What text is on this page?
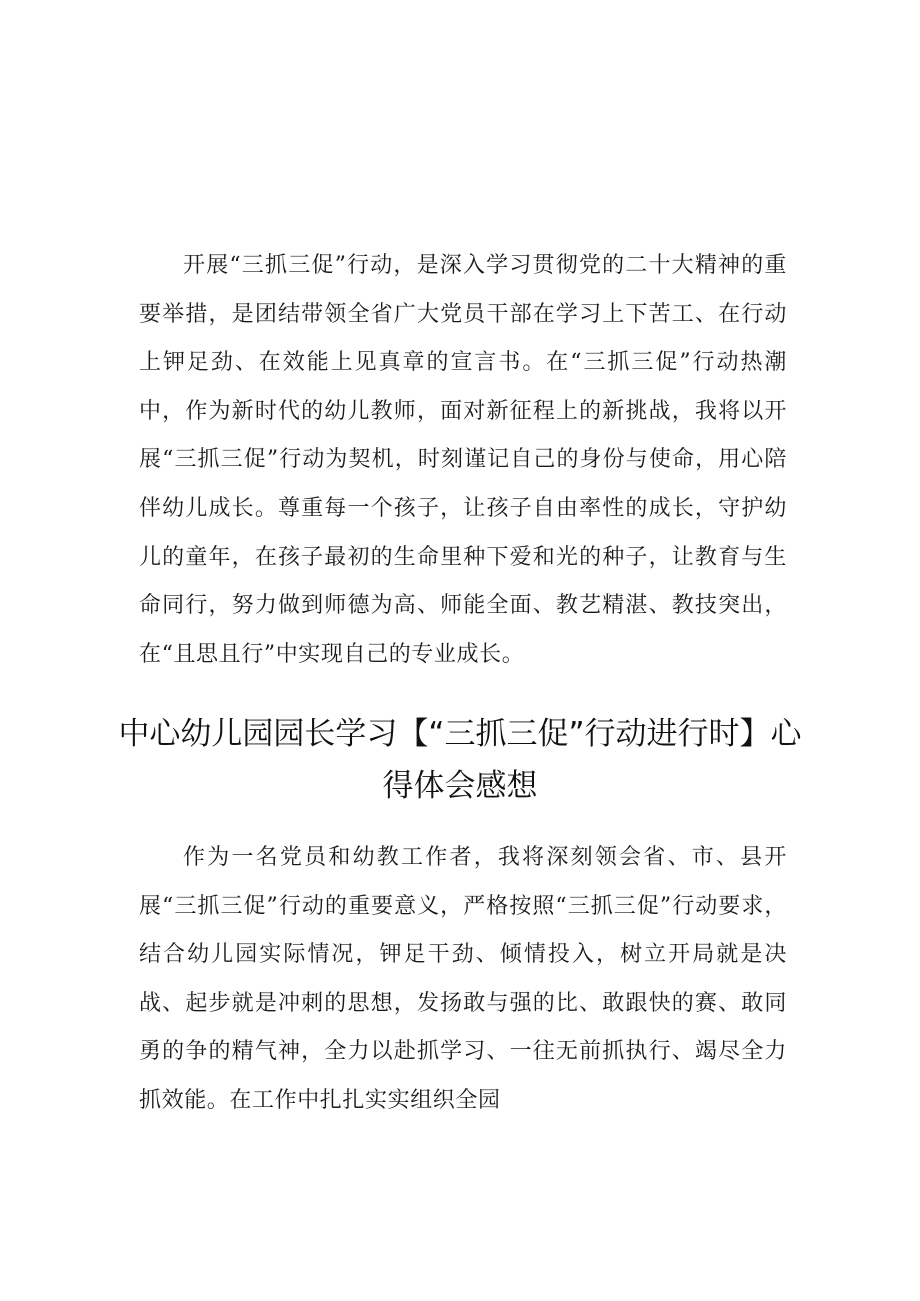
开展“三抓三促”行动，是深入学习贯彻党的二十大精神的重要举措，是团结带领全省广大党员干部在学习上下苦工、在行动上钾足劲、在效能上见真章的宣言书。在“三抓三促”行动热潮中，作为新时代的幼儿教师，面对新征程上的新挑战，我将以开展“三抓三促”行动为契机，时刻谨记自己的身份与使命，用心陪伴幼儿成长。尊重每一个孩子，让孩子自由率性的成长，守护幼儿的童年，在孩子最初的生命里种下爱和光的种子，让教育与生命同行，努力做到师德为高、师能全面、教艺精湛、教技突出，在“且思且行”中实现自己的专业成长。

中心幼儿园园长学习【“三抓三促”行动进行时】心得体会感想

作为一名党员和幼教工作者，我将深刻领会省、市、县开展“三抓三促”行动的重要意义，严格按照“三抓三促”行动要求，结合幼儿园实际情况，钾足干劲、倾情投入，树立开局就是决战、起步就是冲刺的思想，发扬敢与强的比、敢跟快的赛、敢同勇的争的精气神，全力以赴抓学习、一往无前抓执行、竭尽全力抓效能。在工作中扎扎实实组织全园
